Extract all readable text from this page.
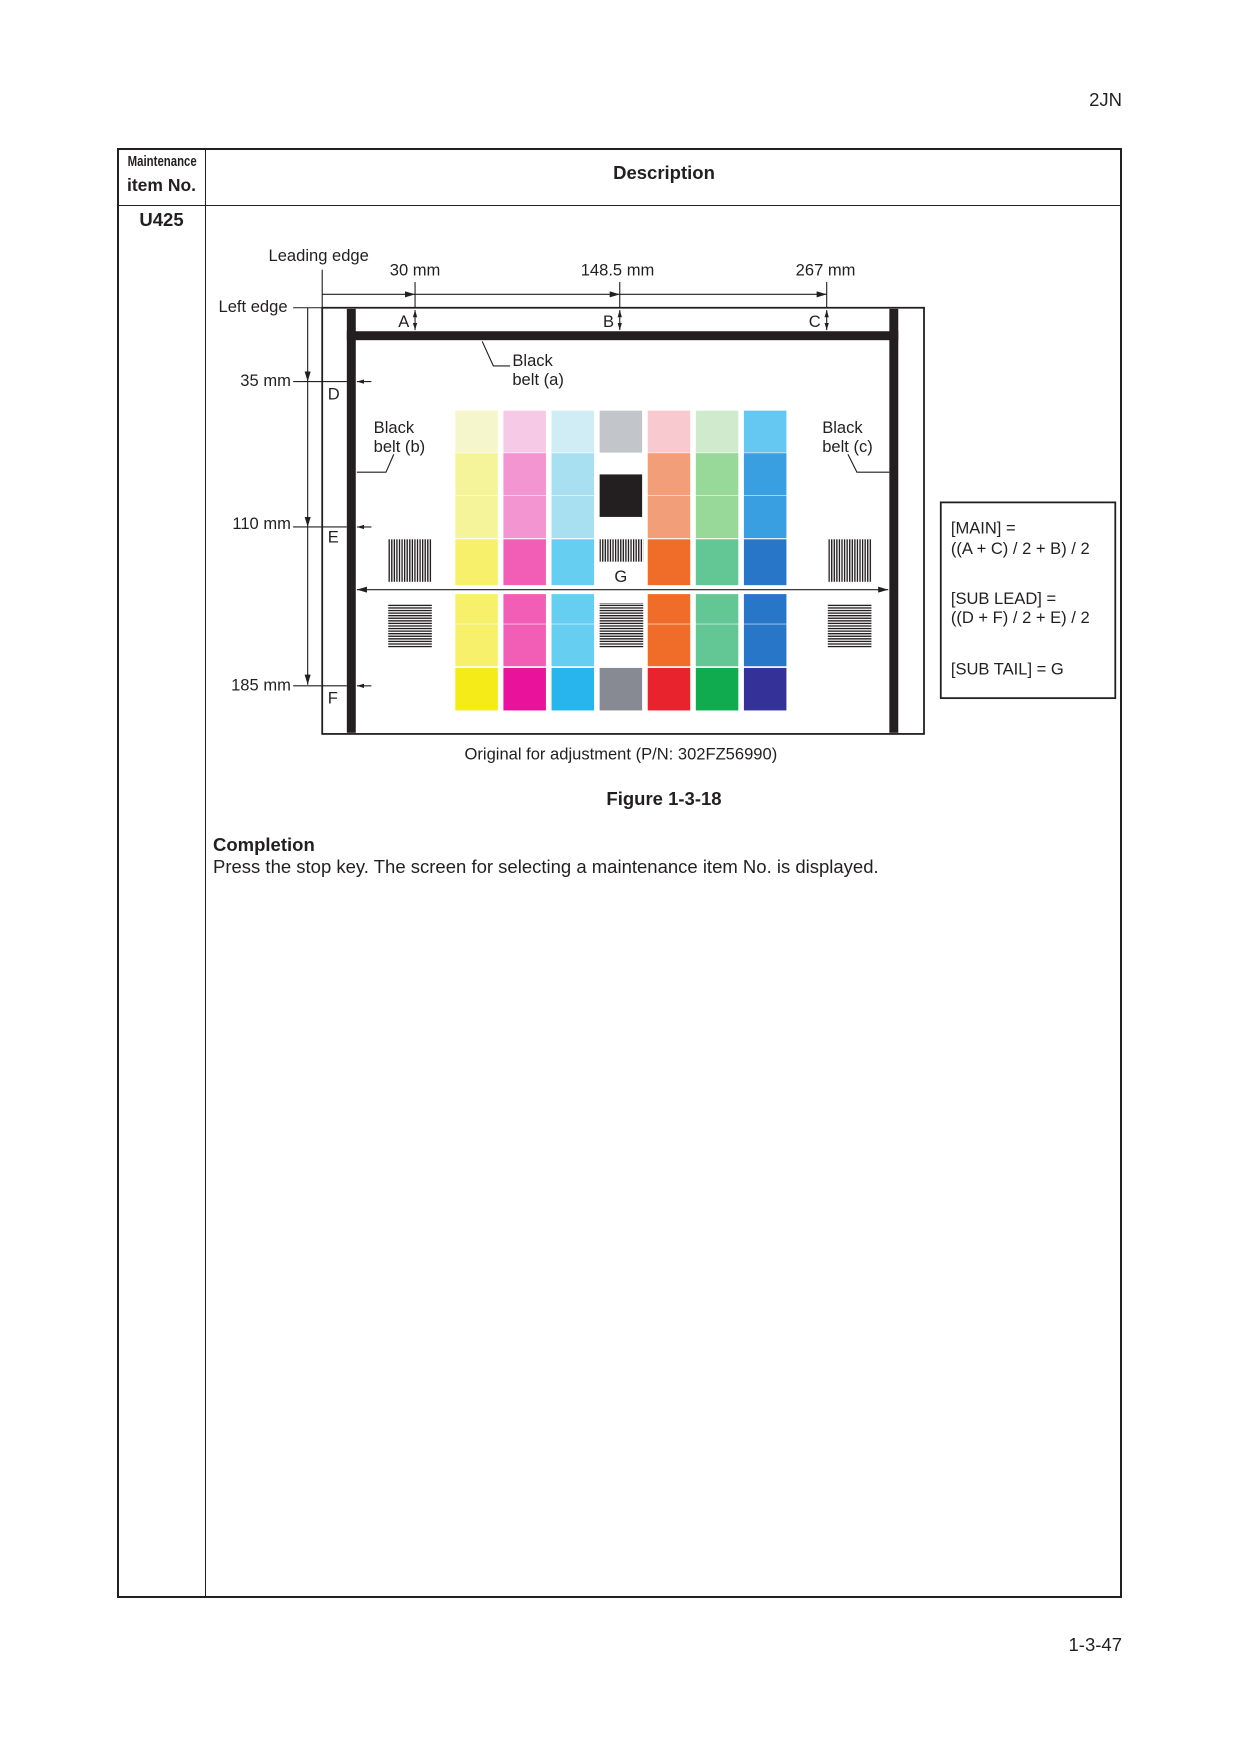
2JN
Maintenance
item No.
Description
U425
Leading edge
30 mm	148.5 mm	267 mm
Left edge
35 mm
110 mm
185 mm
A	B	C
D
E
F
G
Black
belt (a)
Black
belt (b)
Black
belt (c)
[MAIN] =
((A + C) / 2 + B) / 2
[SUB LEAD] =
((D + F) / 2 + E) / 2
[SUB TAIL] = G
Original for adjustment (P/N: 302FZ56990)
Figure 1-3-18
Completion
Press the stop key. The screen for selecting a maintenance item No. is displayed.
1-3-47
